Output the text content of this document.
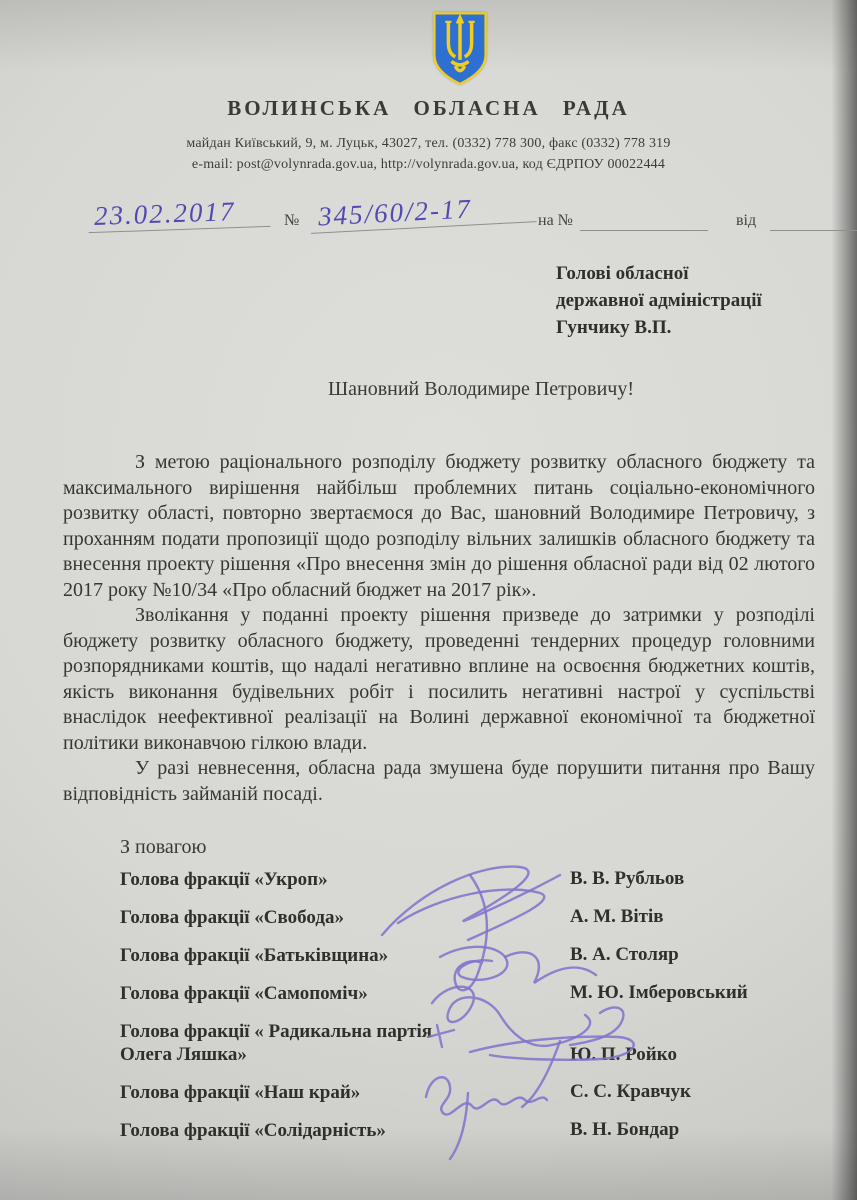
ВОЛИНСЬКА ОБЛАСНА РАДА
майдан Київський, 9, м. Луцьк, 43027, тел. (0332) 778 300, факс (0332) 778 319
e-mail: post@volynrada.gov.ua, http://volynrada.gov.ua, код ЄДРПОУ 00022444
23.02.2017	№ 345/60/2-17	на №	від
Голові обласної
державної адміністрації
Гунчику В.П.
Шановний Володимире Петровичу!

З метою раціонального розподілу бюджету розвитку обласного бюджету та максимального вирішення найбільш проблемних питань соціально-економічного розвитку області, повторно звертаємося до Вас, шановний Володимире Петровичу, з проханням подати пропозиції щодо розподілу вільних залишків обласного бюджету та внесення проекту рішення «Про внесення змін до рішення обласної ради від 02 лютого 2017 року №10/34 «Про обласний бюджет на 2017 рік».

Зволікання у поданні проекту рішення призведе до затримки у розподілі бюджету розвитку обласного бюджету, проведенні тендерних процедур головними розпорядниками коштів, що надалі негативно вплине на освоєння бюджетних коштів, якість виконання будівельних робіт і посилить негативні настрої у суспільстві внаслідок неефективної реалізації на Волині державної економічної та бюджетної політики виконавчою гілкою влади.

У разі невнесення, обласна рада змушена буде порушити питання про Вашу відповідність займаній посаді.

З повагою
Голова фракції «Укроп»	В. В. Рубльов
Голова фракції «Свобода»	А. М. Вітів
Голова фракції «Батьківщина»	В. А. Столяр
Голова фракції «Самопоміч»	М. Ю. Імберовський
Голова фракції « Радикальна партія Олега Ляшка»	Ю. П. Ройко
Голова фракції «Наш край»	С. С. Кравчук
Голова фракції «Солідарність»	В. Н. Бондар
